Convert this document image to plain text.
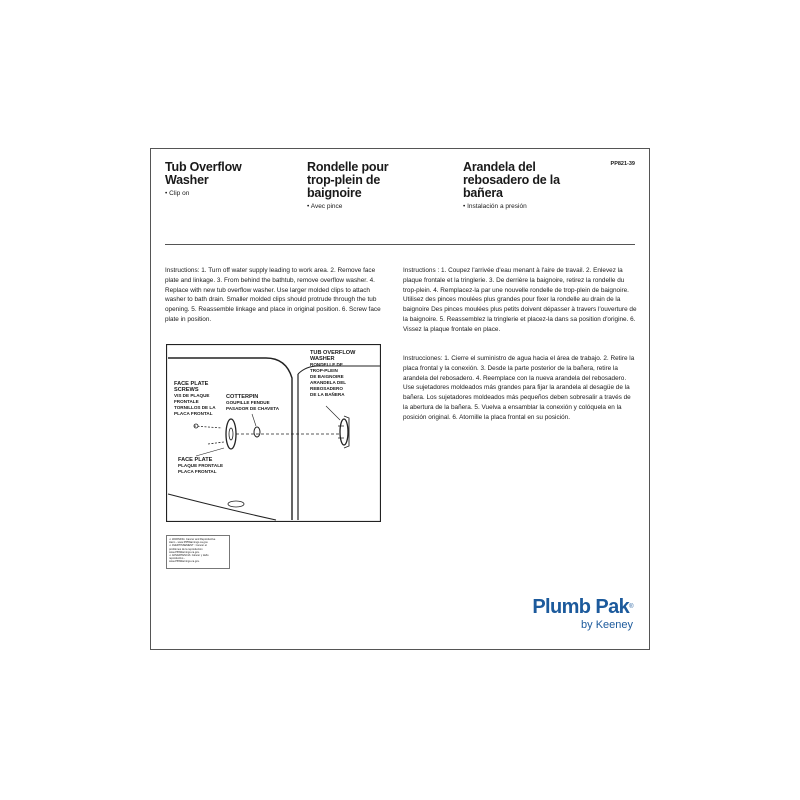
Tub Overflow Washer
• Clip on
Rondelle pour trop-plein de baignoire
• Avec pince
Arandela del rebosadero de la bañera
• Instalación a presión
PP821-39
Instructions: 1. Turn off water supply leading to work area. 2. Remove face plate and linkage. 3. From behind the bathtub, remove overflow washer. 4. Replace with new tub overflow washer. Use larger molded clips to attach washer to bath drain. Smaller molded clips should protrude through the tub opening. 5. Reassemble linkage and place in original position. 6. Screw face plate in position.
Instructions : 1. Coupez l'arrivée d'eau menant à l'aire de travail. 2. Enlevez la plaque frontale et la tringlerie. 3. De derrière la baignoire, retirez la rondelle du trop-plein. 4. Remplacez-la par une nouvelle rondelle de trop-plein de baignoire. Utilisez des pinces moulées plus grandes pour fixer la rondelle au drain de la baignoire Des pinces moulées plus petits doivent dépasser à travers l'ouverture de la baignoire. 5. Reassemblez la tringlerie et placez-la dans sa position d'origine. 6. Vissez la plaque frontale en place.
Instrucciones: 1. Cierre el suministro de agua hacia el área de trabajo. 2. Retire la placa frontal y la conexión. 3. Desde la parte posterior de la bañera, retire la arandela del rebosadero. 4. Reemplace con la nueva arandela del rebosadero. Use sujetadores moldeados más grandes para fijar la arandela al desagüe de la bañera. Los sujetadores moldeados más pequeños deben sobresalir a través de la abertura de la bañera. 5. Vuelva a ensamblar la conexión y colóquela en la posición original. 6. Atornille la placa frontal en su posición.
FACE PLATE
SCREWS
VIS DE PLAQUE
FRONTALE
TORNILLOS DE LA
PLACA FRONTAL
COTTERPIN
GOUPILLE FENDUE
PASADOR DE CHAVETA
FACE PLATE
PLAQUE FRONTALE
PLACA FRONTAL
TUB OVERFLOW
WASHER
RONDELLE DE
TROP-PLEIN
DE BAIGNOIRE
ARANDELA DEL
REBOSADERO
DE LA BAÑERA
⚠ WARNING: Cancer and Reproductive
Harm - www.P65Warnings.ca.gov.
⚠ AVERTISSEMENT : Cancer et
problèmes de la reproduction
www.P65Warnings.ca.gov.
⚠ ADVERTENCIA: Cáncer y daño
reproductivo -
www.P65Warnings.ca.gov.
Plumb Pak®
by Keeney
